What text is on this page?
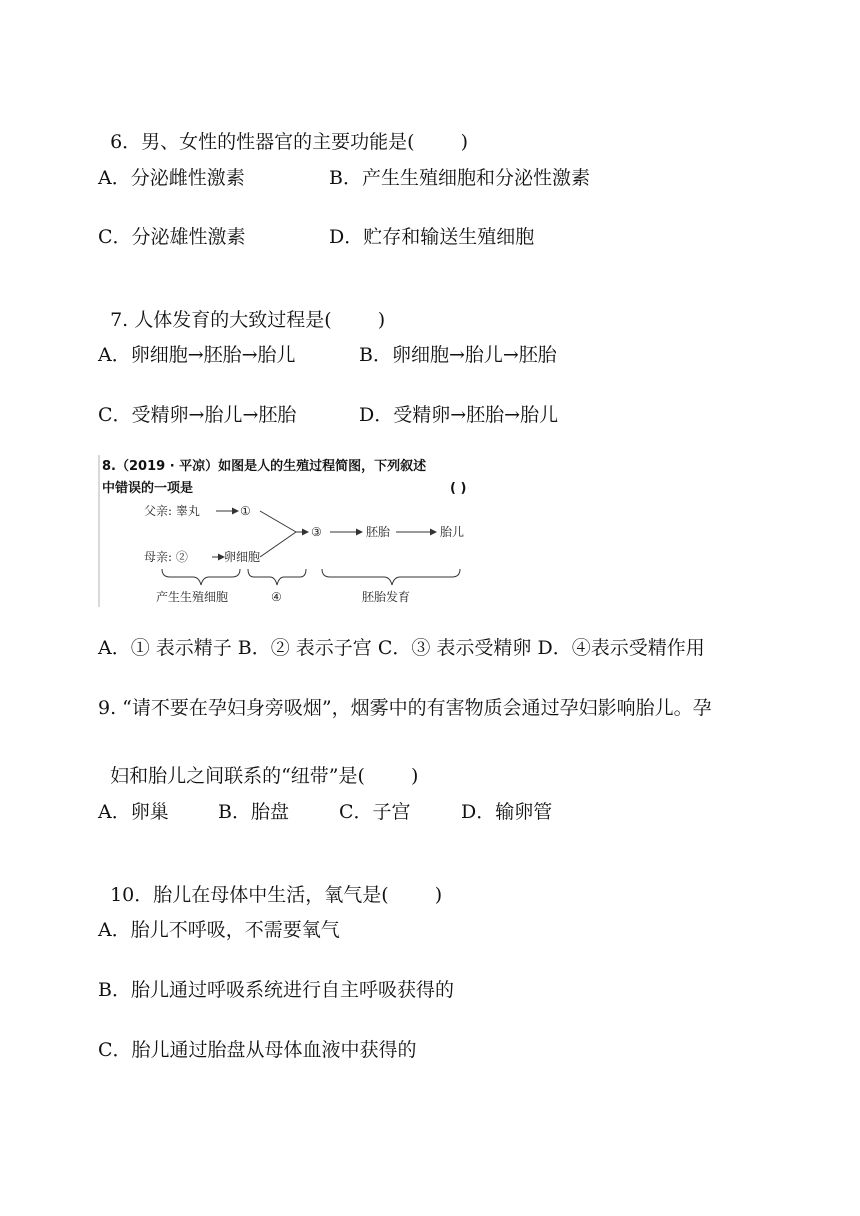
6．男、女性的性器官的主要功能是( )

A．分泌雌性激素	B．产生生殖细胞和分泌性激素
C．分泌雄性激素	D．贮存和输送生殖细胞

7. 人体发育的大致过程是( )

A．卵细胞→胚胎→胎儿	B．卵细胞→胎儿→胚胎
C．受精卵→胎儿→胚胎	D．受精卵→胚胎→胎儿
8.（2019 · 平凉）如图是人的生殖过程简图，下列叙述
中错误的一项是	( )
父亲: 睾丸	①
③	胚胎	胎儿
母亲: ②	卵细胞
产生生殖细胞	④	胚胎发育
A．① 表示精子 B．② 表示子宫 C．③ 表示受精卵 D．④表示受精作用
9. “请不要在孕妇身旁吸烟”，烟雾中的有害物质会通过孕妇影响胎儿。孕

妇和胎儿之间联系的“纽带”是( )

A．卵巢	B．胎盘	C．子宫	D．输卵管

10．胎儿在母体中生活，氧气是( )

A．胎儿不呼吸，不需要氧气
B．胎儿通过呼吸系统进行自主呼吸获得的
C．胎儿通过胎盘从母体血液中获得的
